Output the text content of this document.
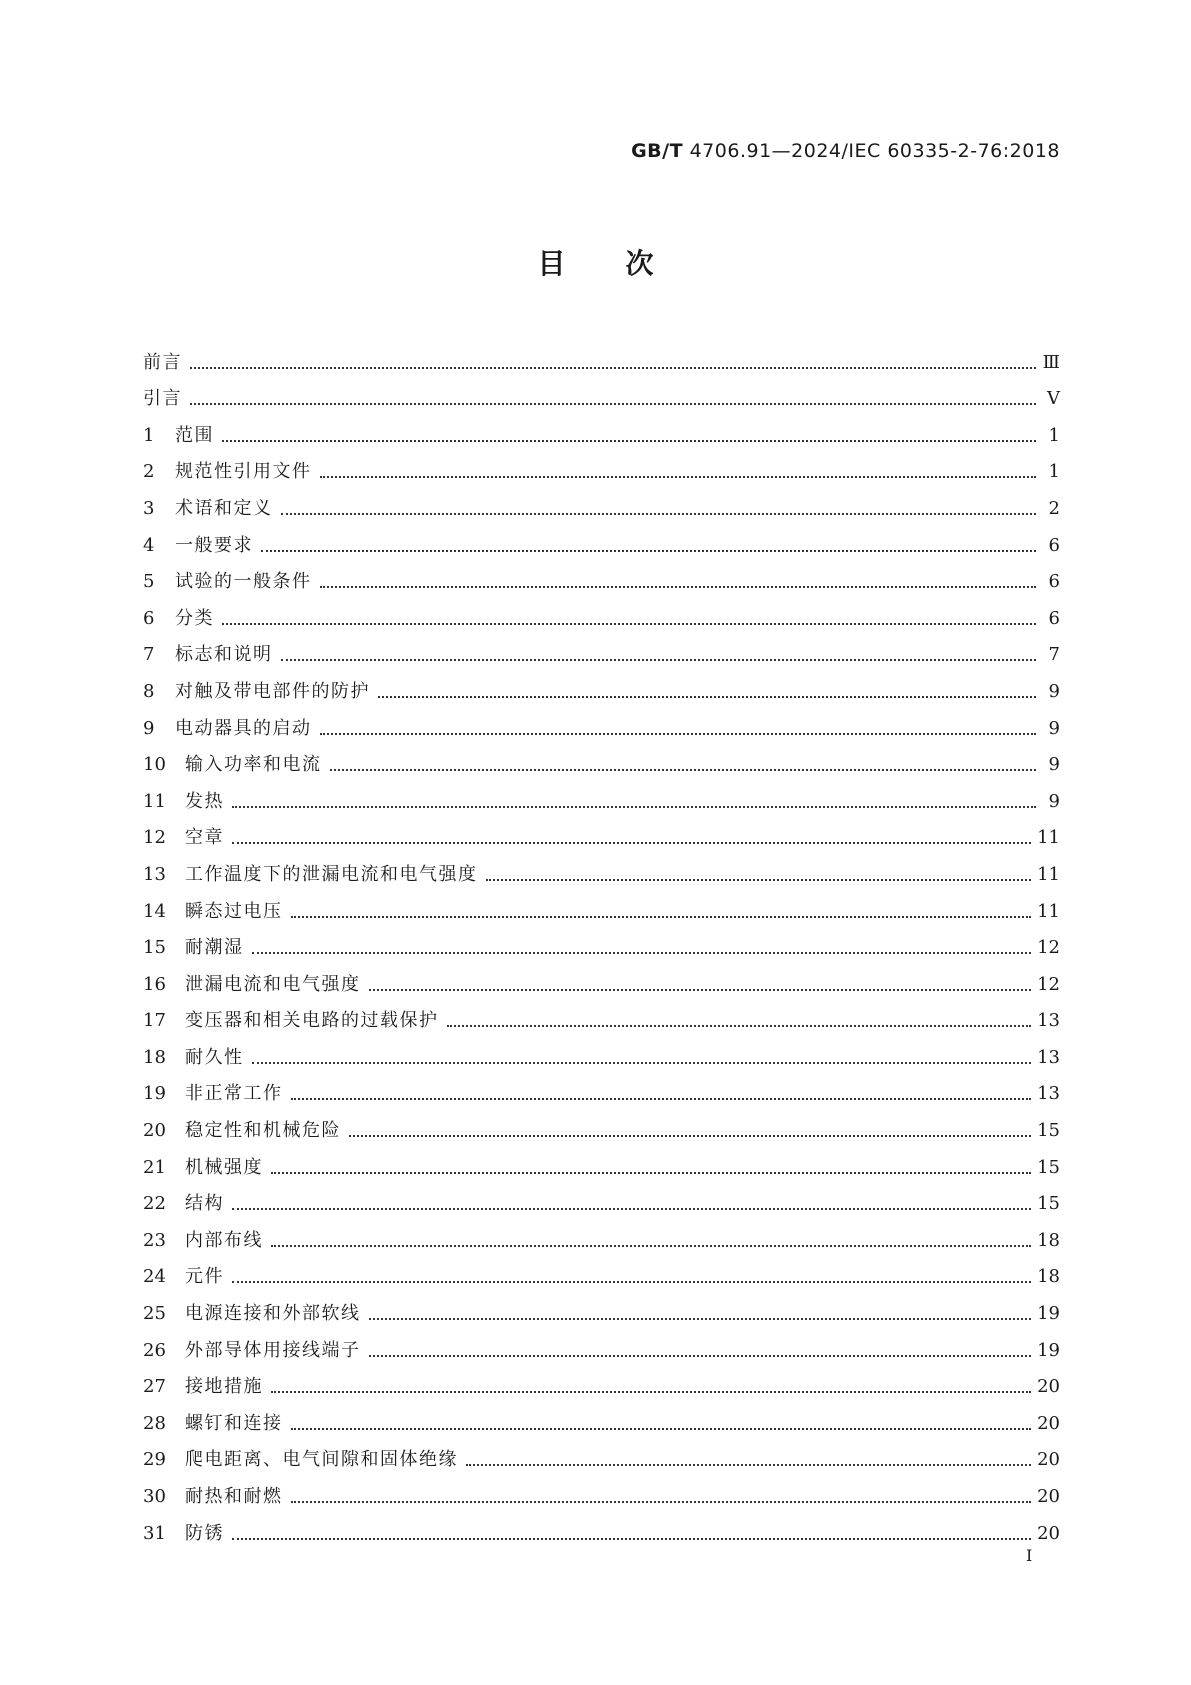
GB/T 4706.91—2024/IEC 60335-2-76:2018
目次
前言	Ⅲ
引言	Ⅴ
1	范围	1
2	规范性引用文件	1
3	术语和定义	2
4	一般要求	6
5	试验的一般条件	6
6	分类	6
7	标志和说明	7
8	对触及带电部件的防护	9
9	电动器具的启动	9
10	输入功率和电流	9
11	发热	9
12	空章	11
13	工作温度下的泄漏电流和电气强度	11
14	瞬态过电压	11
15	耐潮湿	12
16	泄漏电流和电气强度	12
17	变压器和相关电路的过载保护	13
18	耐久性	13
19	非正常工作	13
20	稳定性和机械危险	15
21	机械强度	15
22	结构	15
23	内部布线	18
24	元件	18
25	电源连接和外部软线	19
26	外部导体用接线端子	19
27	接地措施	20
28	螺钉和连接	20
29	爬电距离、电气间隙和固体绝缘	20
30	耐热和耐燃	20
31	防锈	20
Ⅰ
